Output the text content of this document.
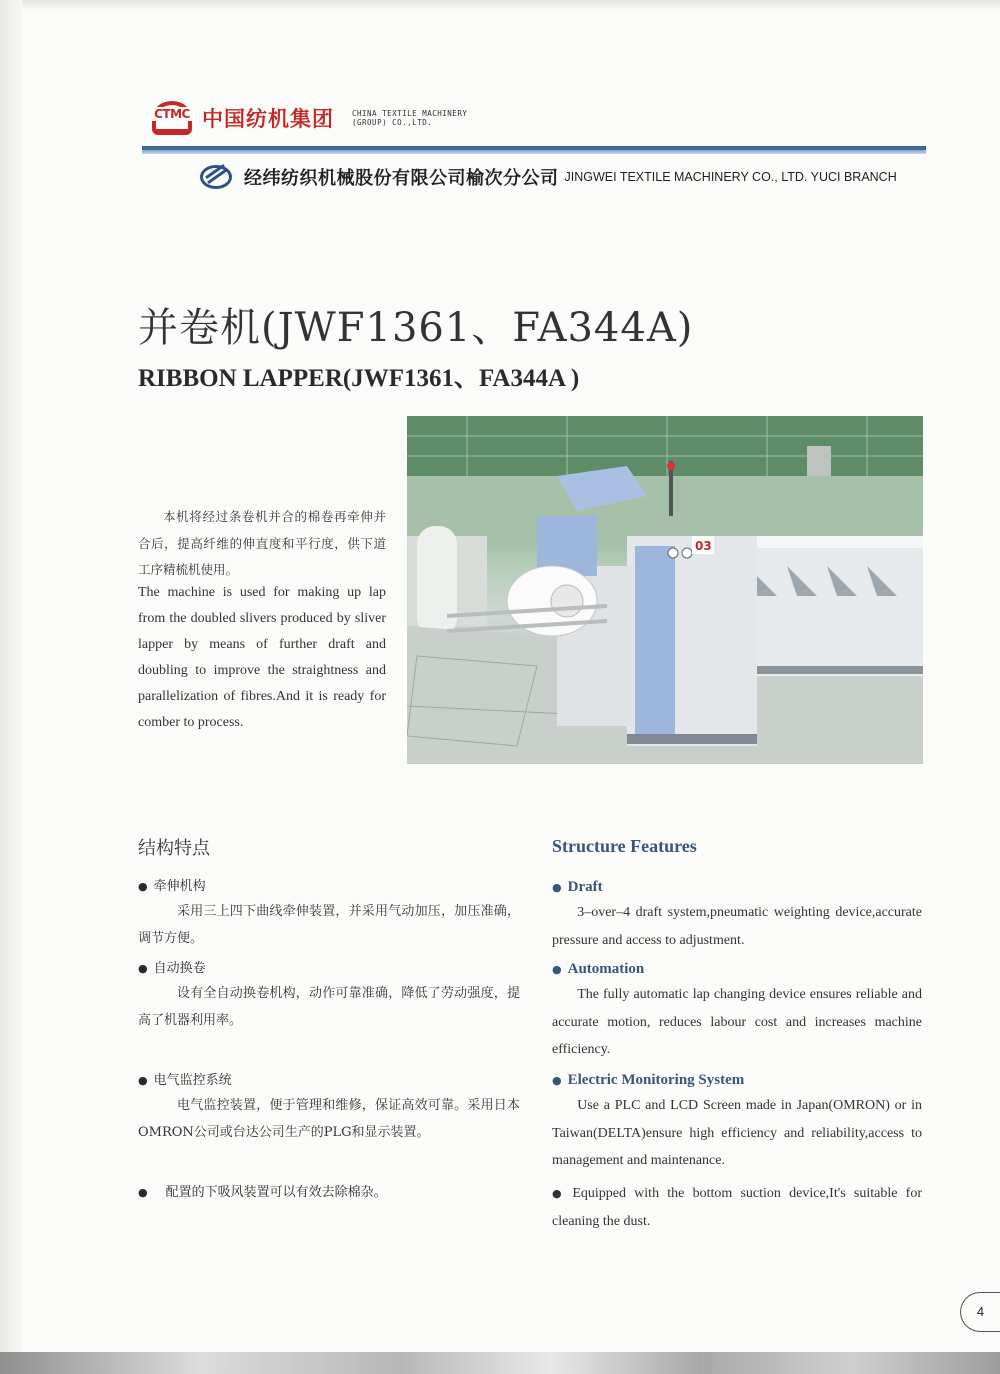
CTMC 中国纺机集团 CHINA TEXTILE MACHINERY
(GROUP) CO.,LTD.
经纬纺织机械股份有限公司榆次分公司 JINGWEI TEXTILE MACHINERY CO., LTD. YUCI BRANCH
并卷机(JWF1361、FA344A)
RIBBON LAPPER(JWF1361、FA344A )
03
本机将经过条卷机并合的棉卷再牵伸并合后，提高纤维的伸直度和平行度，供下道工序精梳机使用。
The machine is used for making up lap from the doubled slivers produced by sliver lapper by means of further draft and doubling to improve the straightness and parallelization of fibres.And it is ready for comber to process.
结构特点	Structure Features
● 牵伸机构
采用三上四下曲线牵伸装置，并采用气动加压，加压准确，调节方便。
● 自动换卷
设有全自动换卷机构，动作可靠准确，降低了劳动强度，提高了机器利用率。
● 电气监控系统
电气监控装置，便于管理和维修，保证高效可靠。采用日本OMRON公司或台达公司生产的PLG和显示装置。
● 配置的下吸风装置可以有效去除棉杂。
● Draft
3–over–4 draft system,pneumatic weighting device,accurate pressure and access to adjustment.
● Automation
The fully automatic lap changing device ensures reliable and accurate motion, reduces labour cost and increases machine efficiency.
● Electric Monitoring System
Use a PLC and LCD Screen made in Japan(OMRON) or in Taiwan(DELTA)ensure high efficiency and reliability,access to management and maintenance.
● Equipped with the bottom suction device,It's suitable for cleaning the dust.
4
